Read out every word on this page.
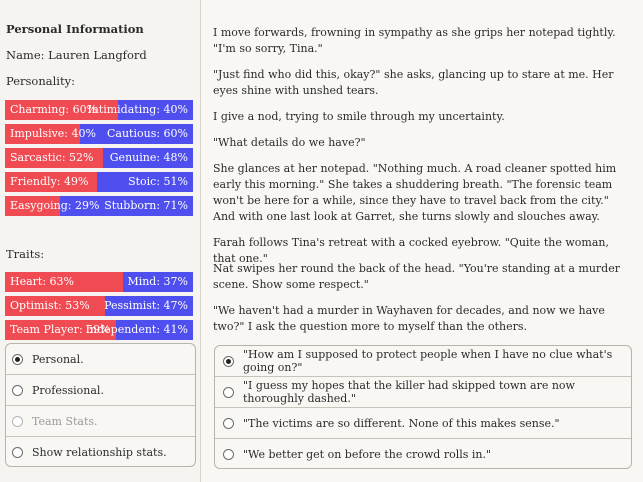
Personal Information
Name: Lauren Langford
Personality:
Charming: 60%
Intimidating: 40%
Impulsive: 40% Cautious: 60%
Sarcastic: 52% Genuine: 48%
Friendly: 49%	Stoic: 51%
Easygoing: 29% Stubborn: 71%
Traits:
Heart: 63%	Mind: 37%
Optimist: 53% Pessimist: 47%
Team Player: 59%
Independent: 41%
Personal.
Professional.
Team Stats.
Show relationship stats.

I move forwards, frowning in sympathy as she grips her notepad tightly. "I'm so sorry, Tina."

"Just find who did this, okay?" she asks, glancing up to stare at me. Her eyes shine with unshed tears.

I give a nod, trying to smile through my uncertainty.

"What details do we have?"

She glances at her notepad. "Nothing much. A road cleaner spotted him early this morning." She takes a shuddering breath. "The forensic team won't be here for a while, since they have to travel back from the city." And with one last look at Garret, she turns slowly and slouches away.

Farah follows Tina's retreat with a cocked eyebrow. "Quite the woman, that one."

Nat swipes her round the back of the head. "You're standing at a murder scene. Show some respect."

"We haven't had a murder in Wayhaven for decades, and now we have two?" I ask the question more to myself than the others.

"How am I supposed to protect people when I have no clue what's going on?"
"I guess my hopes that the killer had skipped town are now thoroughly dashed."
"The victims are so different. None of this makes sense."
"We better get on before the crowd rolls in."
